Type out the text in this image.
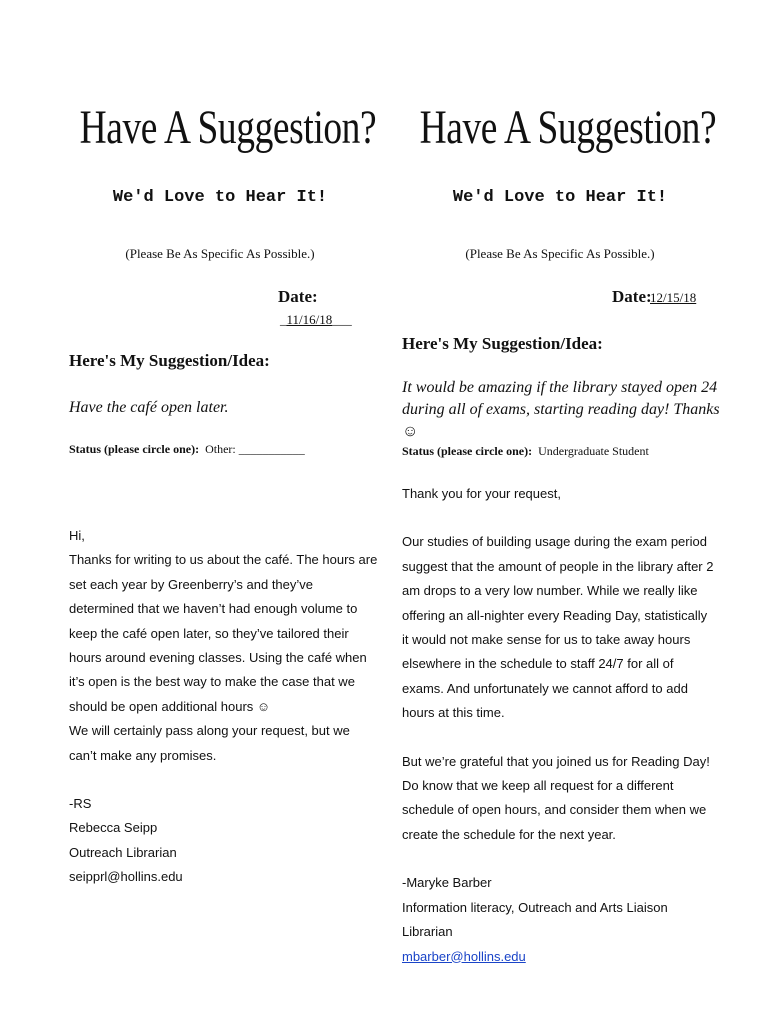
Have A Suggestion?
We'd Love to Hear It!
(Please Be As Specific As Possible.)
Date:
_11/16/18___
Here's My Suggestion/Idea:
Have the café open later.
Status (please circle one): Other: ___________

Hi,

Thanks for writing to us about the café. The hours are set each year by Greenberry’s and they’ve determined that we haven’t had enough volume to keep the café open later, so they’ve tailored their hours around evening classes. Using the café when it’s open is the best way to make the case that we should be open additional hours ☺

We will certainly pass along your request, but we can’t make any promises.

-RS

Rebecca Seipp

Outreach Librarian

seipprl@hollins.edu

Have A Suggestion?
We'd Love to Hear It!
(Please Be As Specific As Possible.)
Date:
12/15/18
Here's My Suggestion/Idea:
It would be amazing if the library stayed open 24 during all of exams, starting reading day! Thanks ☺
Status (please circle one): Undergraduate Student

Thank you for your request,

Our studies of building usage during the exam period suggest that the amount of people in the library after 2 am drops to a very low number. While we really like offering an all-nighter every Reading Day, statistically it would not make sense for us to take away hours elsewhere in the schedule to staff 24/7 for all of exams. And unfortunately we cannot afford to add hours at this time.

But we’re grateful that you joined us for Reading Day! Do know that we keep all request for a different schedule of open hours, and consider them when we create the schedule for the next year.

-Maryke Barber

Information literacy, Outreach and Arts Liaison Librarian

mbarber@hollins.edu
